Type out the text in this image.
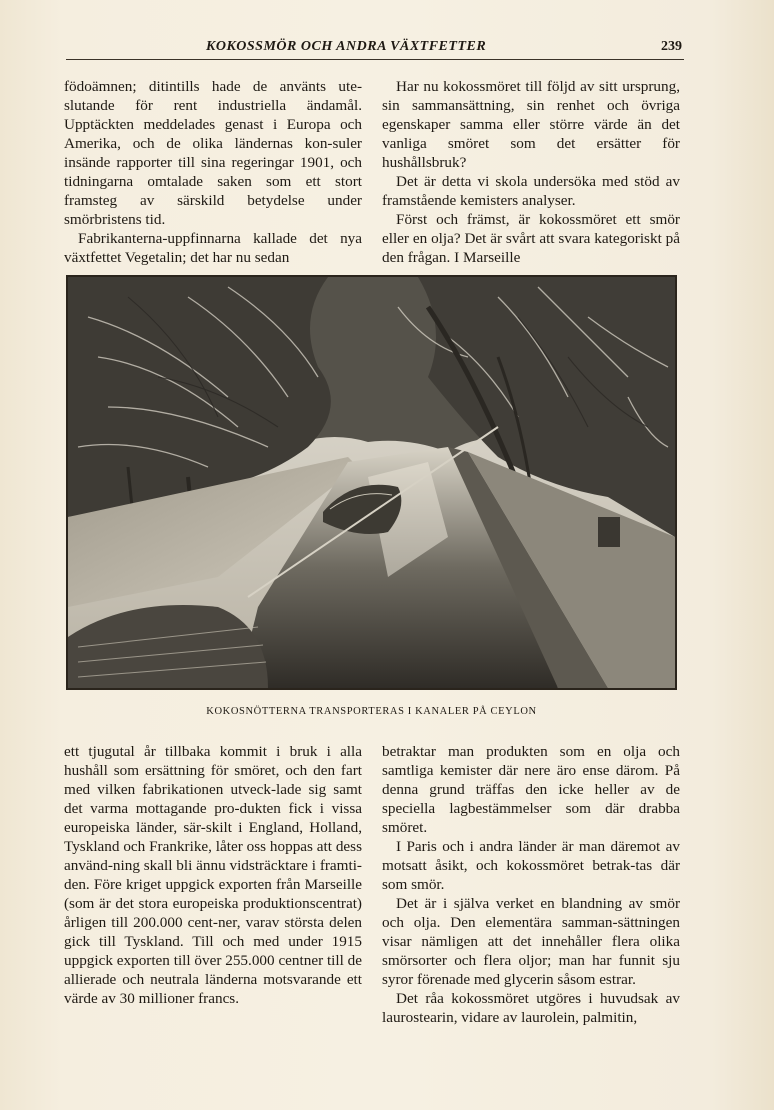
KOKOSSMÖR OCH ANDRA VÄXTFETTER	239

födoämnen; ditintills hade de använts ute-slutande för rent industriella ändamål. Upptäckten meddelades genast i Europa och Amerika, och de olika ländernas kon-suler insände rapporter till sina regeringar 1901, och tidningarna omtalade saken som ett stort framsteg av särskild betydelse under smörbristens tid.

Fabrikanterna-uppfinnarna kallade det nya växtfettet Vegetalin; det har nu sedan

Har nu kokossmöret till följd av sitt ursprung, sin sammansättning, sin renhet och övriga egenskaper samma eller större värde än det vanliga smöret som det ersätter för hushållsbruk?

Det är detta vi skola undersöka med stöd av framstående kemisters analyser.

Först och främst, är kokossmöret ett smör eller en olja? Det är svårt att svara kategoriskt på den frågan. I Marseille

KOKOSNÖTTERNA TRANSPORTERAS I KANALER PÅ CEYLON

ett tjugutal år tillbaka kommit i bruk i alla hushåll som ersättning för smöret, och den fart med vilken fabrikationen utveck-lade sig samt det varma mottagande pro-dukten fick i vissa europeiska länder, sär-skilt i England, Holland, Tyskland och Frankrike, låter oss hoppas att dess använd-ning skall bli ännu vidsträcktare i framti-den. Före kriget uppgick exporten från Marseille (som är det stora europeiska produktionscentrat) årligen till 200.000 cent-ner, varav största delen gick till Tyskland. Till och med under 1915 uppgick exporten till över 255.000 centner till de allierade och neutrala länderna motsvarande ett värde av 30 millioner francs.

betraktar man produkten som en olja och samtliga kemister där nere äro ense därom. På denna grund träffas den icke heller av de speciella lagbestämmelser som där drabba smöret.

I Paris och i andra länder är man däremot av motsatt åsikt, och kokossmöret betrak-tas där som smör.

Det är i själva verket en blandning av smör och olja. Den elementära samman-sättningen visar nämligen att det innehåller flera olika smörsorter och flera oljor; man har funnit sju syror förenade med glycerin såsom estrar.

Det råa kokossmöret utgöres i huvudsak av laurostearin, vidare av laurolein, palmitin,
